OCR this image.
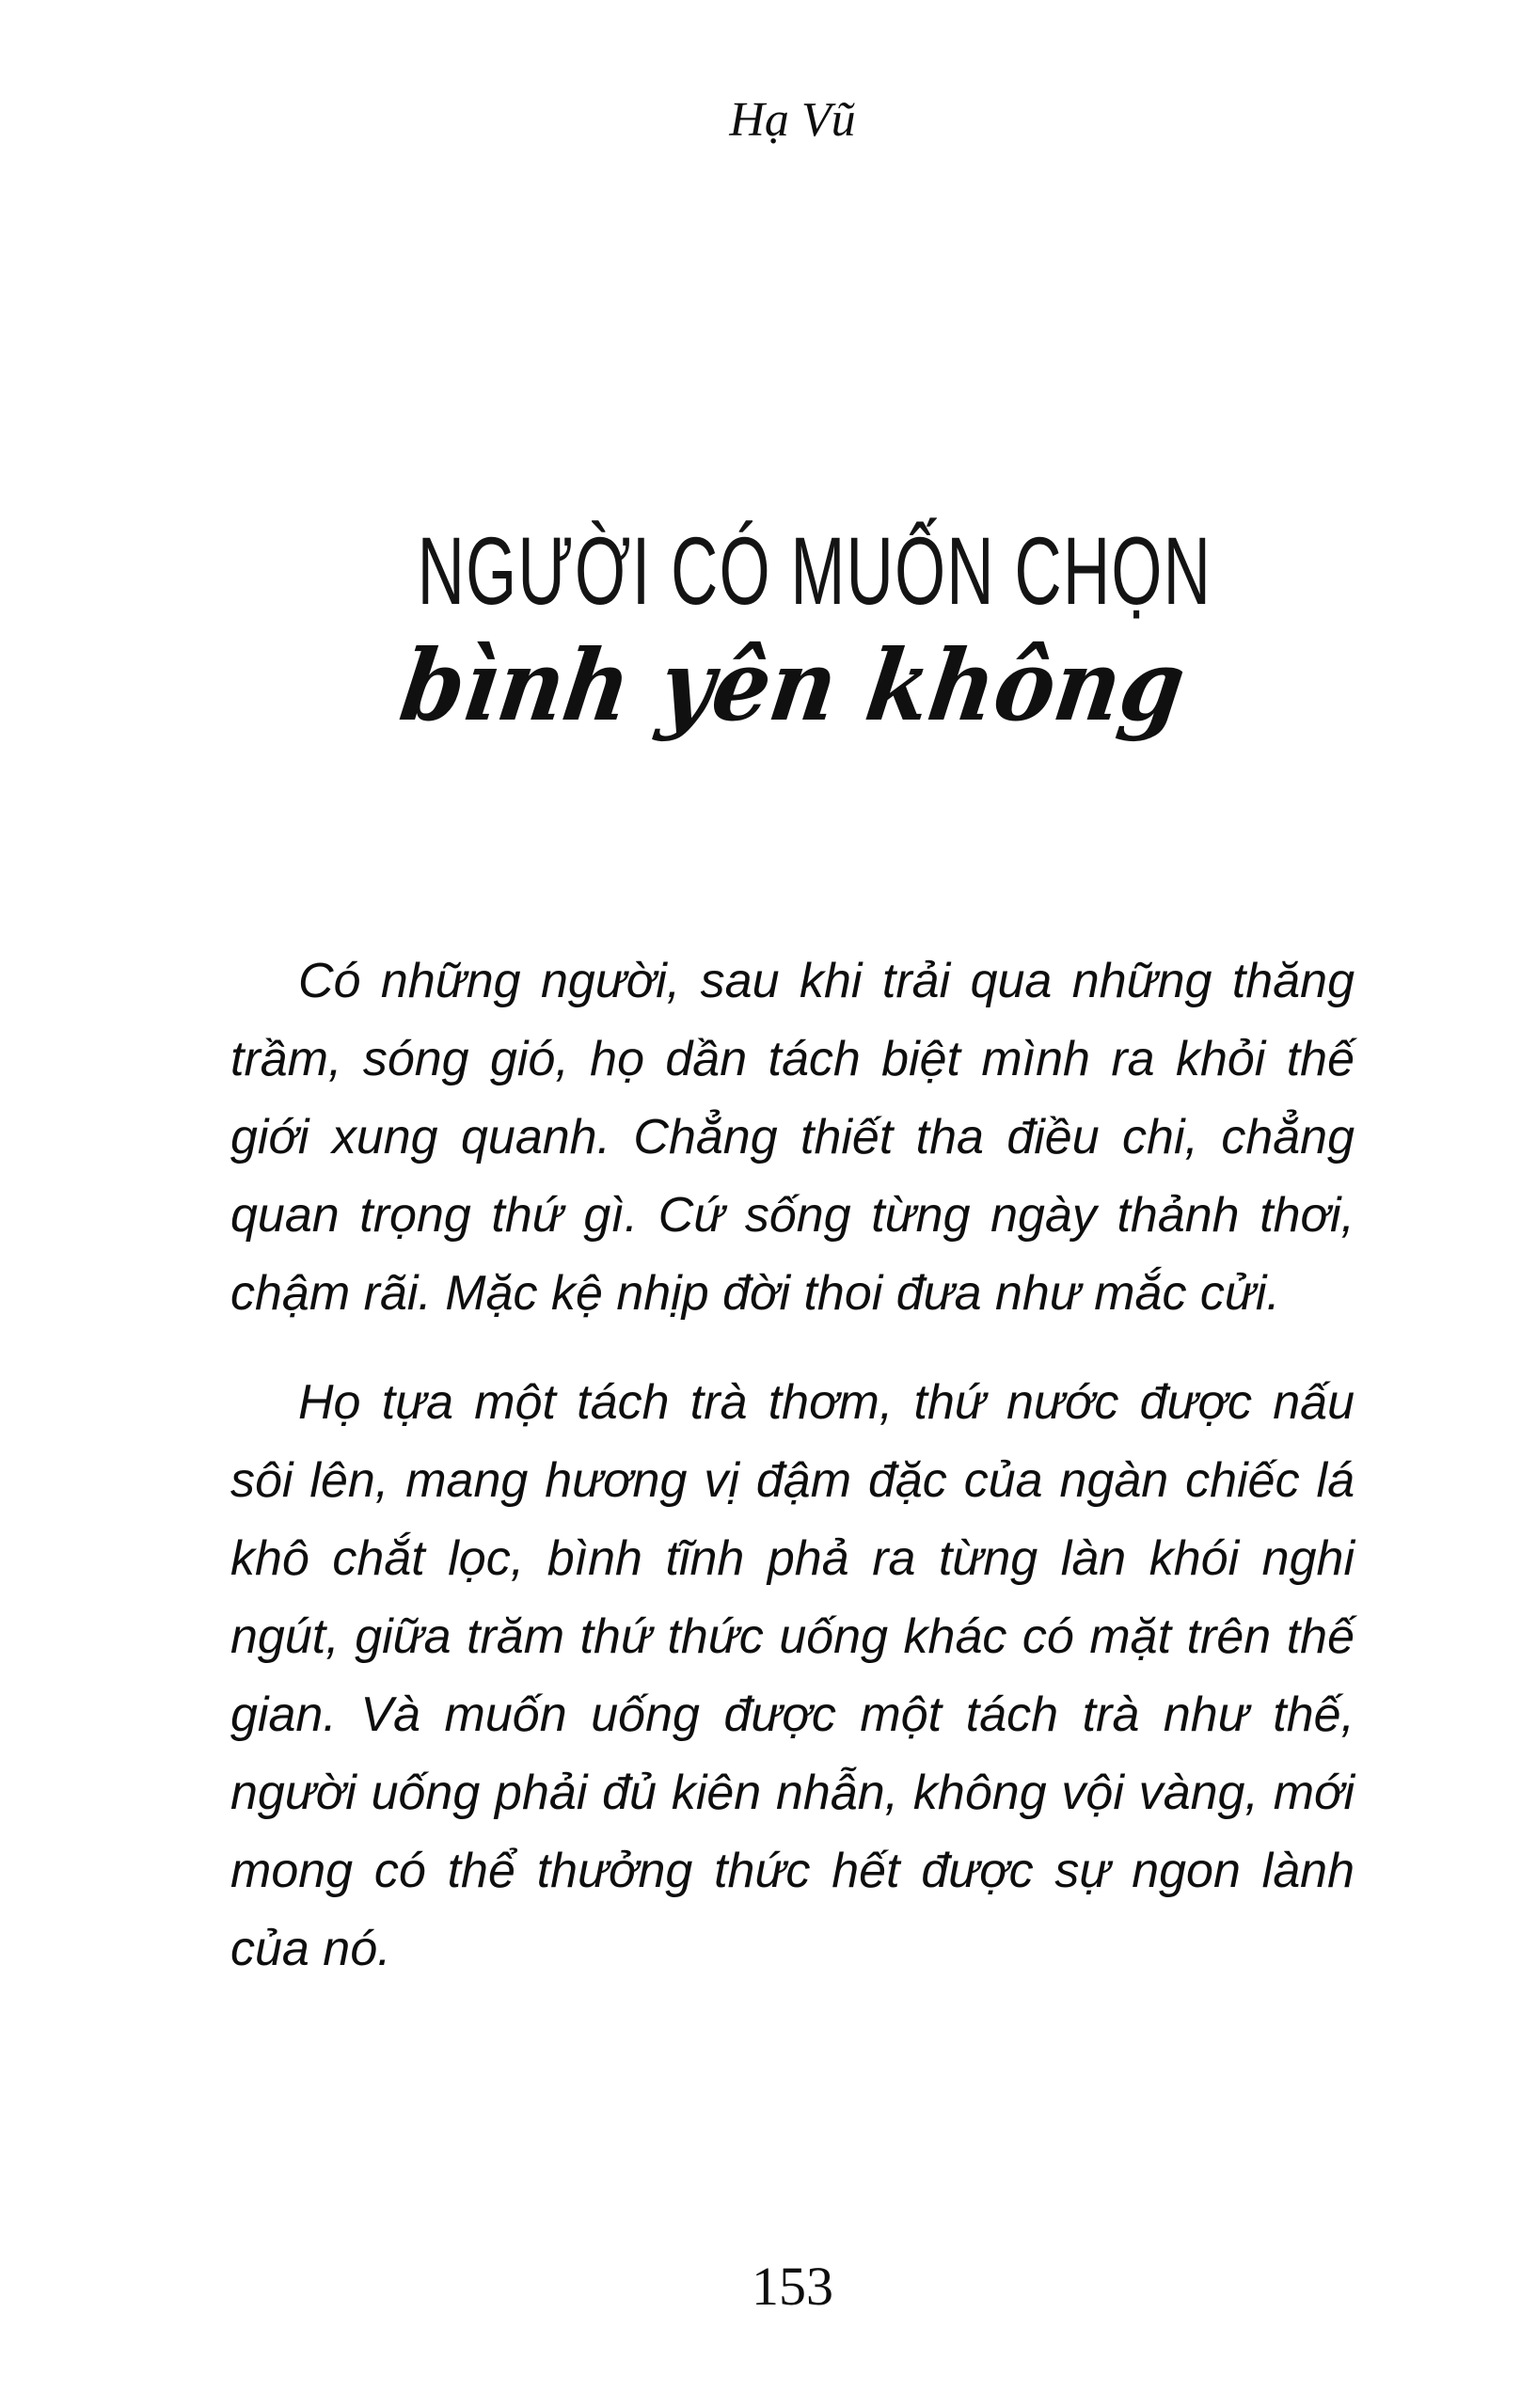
Hạ Vũ
NGƯỜI CÓ MUỐN CHỌN
bình yên không

Có những người, sau khi trải qua những thăng trầm, sóng gió, họ dần tách biệt mình ra khỏi thế giới xung quanh. Chẳng thiết tha điều chi, chẳng quan trọng thứ gì. Cứ sống từng ngày thảnh thơi, chậm rãi. Mặc kệ nhịp đời thoi đưa như mắc cửi.

Họ tựa một tách trà thơm, thứ nước được nấu sôi lên, mang hương vị đậm đặc của ngàn chiếc lá khô chắt lọc, bình tĩnh phả ra từng làn khói nghi ngút, giữa trăm thứ thức uống khác có mặt trên thế gian. Và muốn uống được một tách trà như thế, người uống phải đủ kiên nhẫn, không vội vàng, mới mong có thể thưởng thức hết được sự ngon lành của nó.

153
